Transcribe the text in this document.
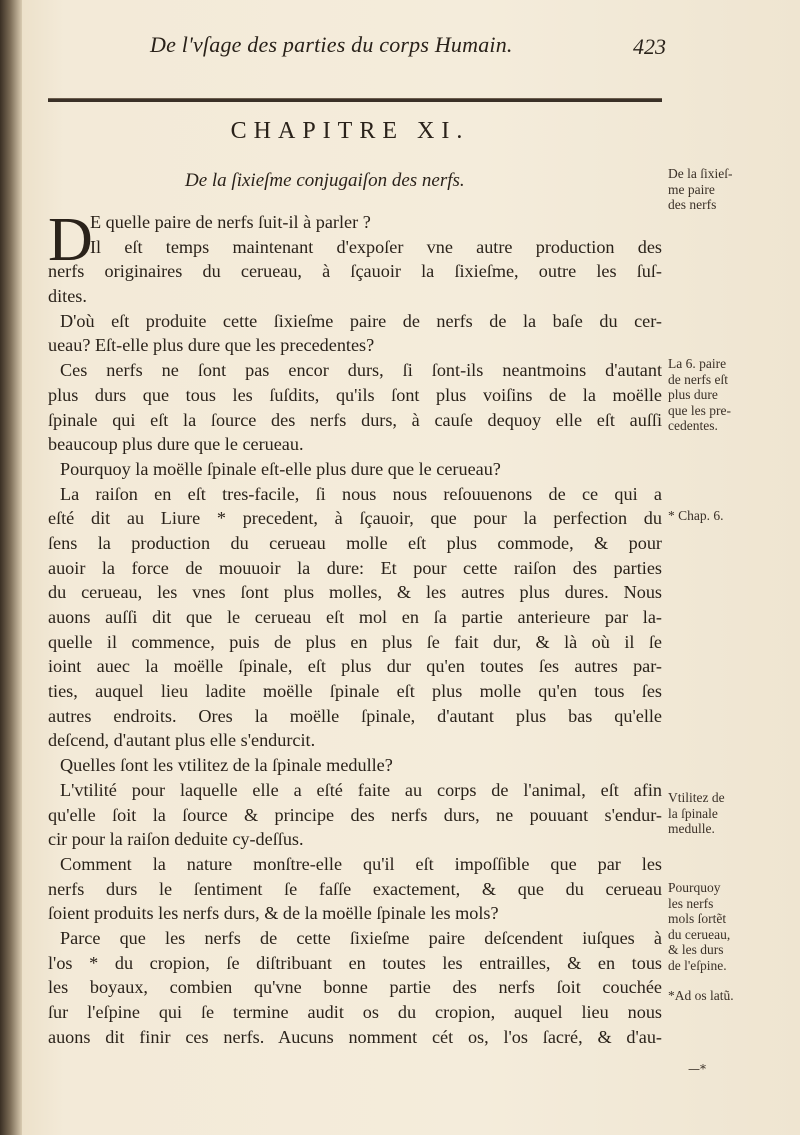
De l'vſage des parties du corps Humain.	423
CHAPITRE XI.
De la ſixieſme conjugaiſon des nerfs.
D
E quelle paire de nerfs ſuit-il à parler ?
Il eſt temps maintenant d'expoſer vne autre production des
nerfs originaires du cerueau, à ſçauoir la ſixieſme, outre les ſuſ-
dites.
D'où eſt produite cette ſixieſme paire de nerfs de la baſe du cer-
ueau? Eſt-elle plus dure que les precedentes?
Ces nerfs ne ſont pas encor durs, ſi ſont-ils neantmoins d'autant
plus durs que tous les ſuſdits, qu'ils ſont plus voiſins de la moëlle
ſpinale qui eſt la ſource des nerfs durs, à cauſe dequoy elle eſt auſſi
beaucoup plus dure que le cerueau.
Pourquoy la moëlle ſpinale eſt-elle plus dure que le cerueau?
La raiſon en eſt tres-facile, ſi nous nous reſouuenons de ce qui a
eſté dit au Liure * precedent, à ſçauoir, que pour la perfection du
ſens la production du cerueau molle eſt plus commode, & pour
auoir la force de mouuoir la dure: Et pour cette raiſon des parties
du cerueau, les vnes ſont plus molles, & les autres plus dures. Nous
auons auſſi dit que le cerueau eſt mol en ſa partie anterieure par la-
quelle il commence, puis de plus en plus ſe fait dur, & là où il ſe
ioint auec la moëlle ſpinale, eſt plus dur qu'en toutes ſes autres par-
ties, auquel lieu ladite moëlle ſpinale eſt plus molle qu'en tous ſes
autres endroits. Ores la moëlle ſpinale, d'autant plus bas qu'elle
deſcend, d'autant plus elle s'endurcit.
Quelles ſont les vtilitez de la ſpinale medulle?
L'vtilité pour laquelle elle a eſté faite au corps de l'animal, eſt afin
qu'elle ſoit la ſource & principe des nerfs durs, ne pouuant s'endur-
cir pour la raiſon deduite cy-deſſus.
Comment la nature monſtre-elle qu'il eſt impoſſible que par les
nerfs durs le ſentiment ſe faſſe exactement, & que du cerueau
ſoient produits les nerfs durs, & de la moëlle ſpinale les mols?
Parce que les nerfs de cette ſixieſme paire deſcendent iuſques à
l'os * du cropion, ſe diſtribuant en toutes les entrailles, & en tous
les boyaux, combien qu'vne bonne partie des nerfs ſoit couchée
ſur l'eſpine qui ſe termine audit os du cropion, auquel lieu nous
auons dit finir ces nerfs. Aucuns nomment cét os, l'os ſacré, & d'au-
De la ſixieſ-
me paire
des nerfs
La 6. paire
de nerfs eſt
plus dure
que les pre-
cedentes.
* Chap. 6.
Vtilitez de
la ſpinale
medulle.
Pourquoy
les nerfs
mols ſortẽt
du cerueau,
& les durs
de l'eſpine.
*Ad os latũ.
—*
